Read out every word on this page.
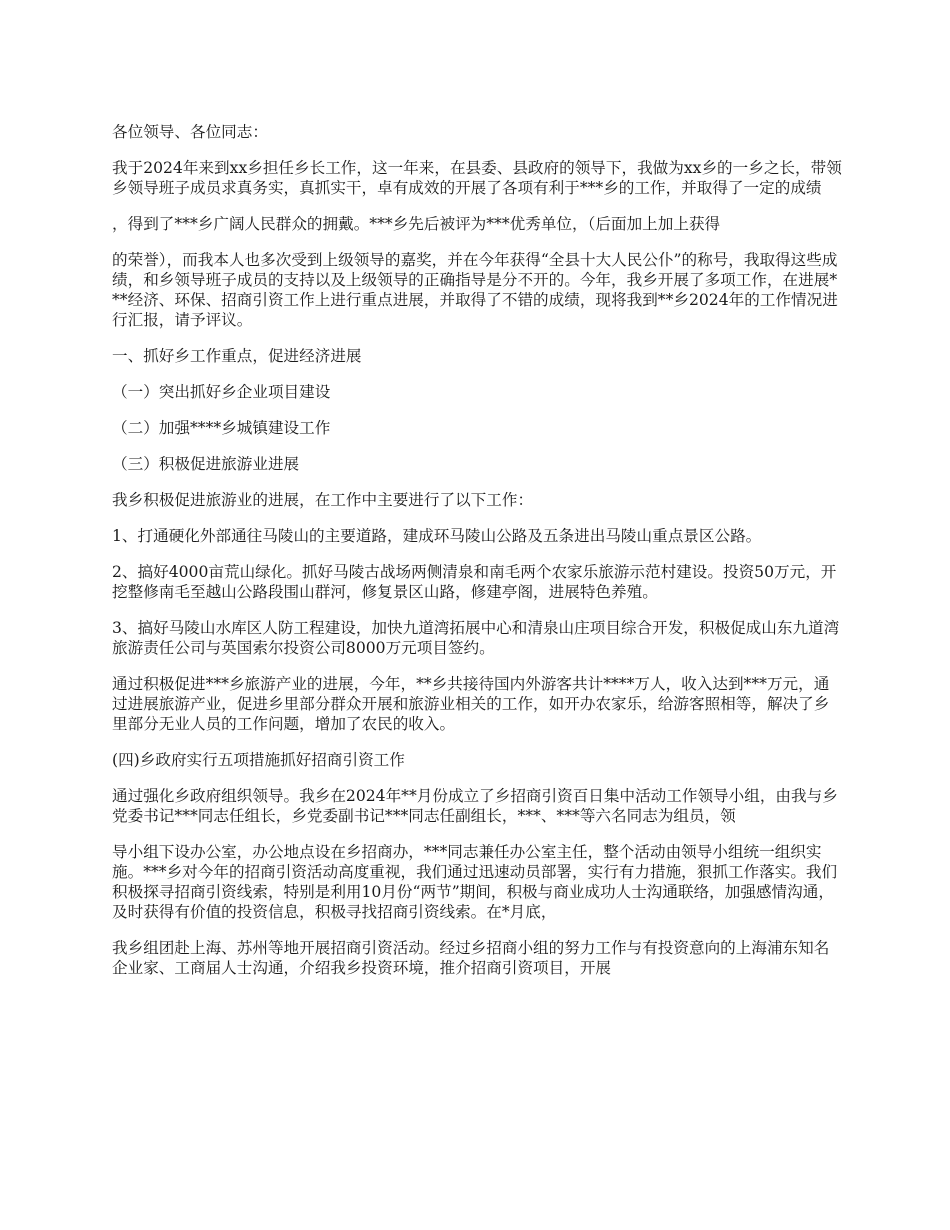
各位领导、各位同志：

我于2024年来到xx乡担任乡长工作，这一年来，在县委、县政府的领导下，我做为xx乡的一乡之长，带领乡领导班子成员求真务实，真抓实干，卓有成效的开展了各项有利于***乡的工作，并取得了一定的成绩

，得到了***乡广阔人民群众的拥戴。***乡先后被评为***优秀单位，（后面加上加上获得

的荣誉），而我本人也多次受到上级领导的嘉奖，并在今年获得“全县十大人民公仆”的称号，我取得这些成绩，和乡领导班子成员的支持以及上级领导的正确指导是分不开的。今年，我乡开展了多项工作，在进展***经济、环保、招商引资工作上进行重点进展，并取得了不错的成绩，现将我到**乡2024年的工作情况进行汇报，请予评议。

一、抓好乡工作重点，促进经济进展

（一）突出抓好乡企业项目建设

（二）加强****乡城镇建设工作

（三）积极促进旅游业进展

我乡积极促进旅游业的进展，在工作中主要进行了以下工作：

1、打通硬化外部通往马陵山的主要道路，建成环马陵山公路及五条进出马陵山重点景区公路。

2、搞好4000亩荒山绿化。抓好马陵古战场两侧清泉和南毛两个农家乐旅游示范村建设。投资50万元，开挖整修南毛至越山公路段围山群河，修复景区山路，修建亭阁，进展特色养殖。

3、搞好马陵山水库区人防工程建设，加快九道湾拓展中心和清泉山庄项目综合开发，积极促成山东九道湾旅游责任公司与英国索尔投资公司8000万元项目签约。

通过积极促进***乡旅游产业的进展，今年，**乡共接待国内外游客共计****万人，收入达到***万元，通过进展旅游产业，促进乡里部分群众开展和旅游业相关的工作，如开办农家乐，给游客照相等，解决了乡里部分无业人员的工作问题，增加了农民的收入。

(四)乡政府实行五项措施抓好招商引资工作

通过强化乡政府组织领导。我乡在2024年**月份成立了乡招商引资百日集中活动工作领导小组，由我与乡党委书记***同志任组长，乡党委副书记***同志任副组长，***、***等六名同志为组员，领

导小组下设办公室，办公地点设在乡招商办，***同志兼任办公室主任，整个活动由领导小组统一组织实施。***乡对今年的招商引资活动高度重视，我们通过迅速动员部署，实行有力措施，狠抓工作落实。我们积极探寻招商引资线索，特别是利用10月份“两节”期间，积极与商业成功人士沟通联络，加强感情沟通，及时获得有价值的投资信息，积极寻找招商引资线索。在*月底，

我乡组团赴上海、苏州等地开展招商引资活动。经过乡招商小组的努力工作与有投资意向的上海浦东知名企业家、工商届人士沟通，介绍我乡投资环境，推介招商引资项目，开展
